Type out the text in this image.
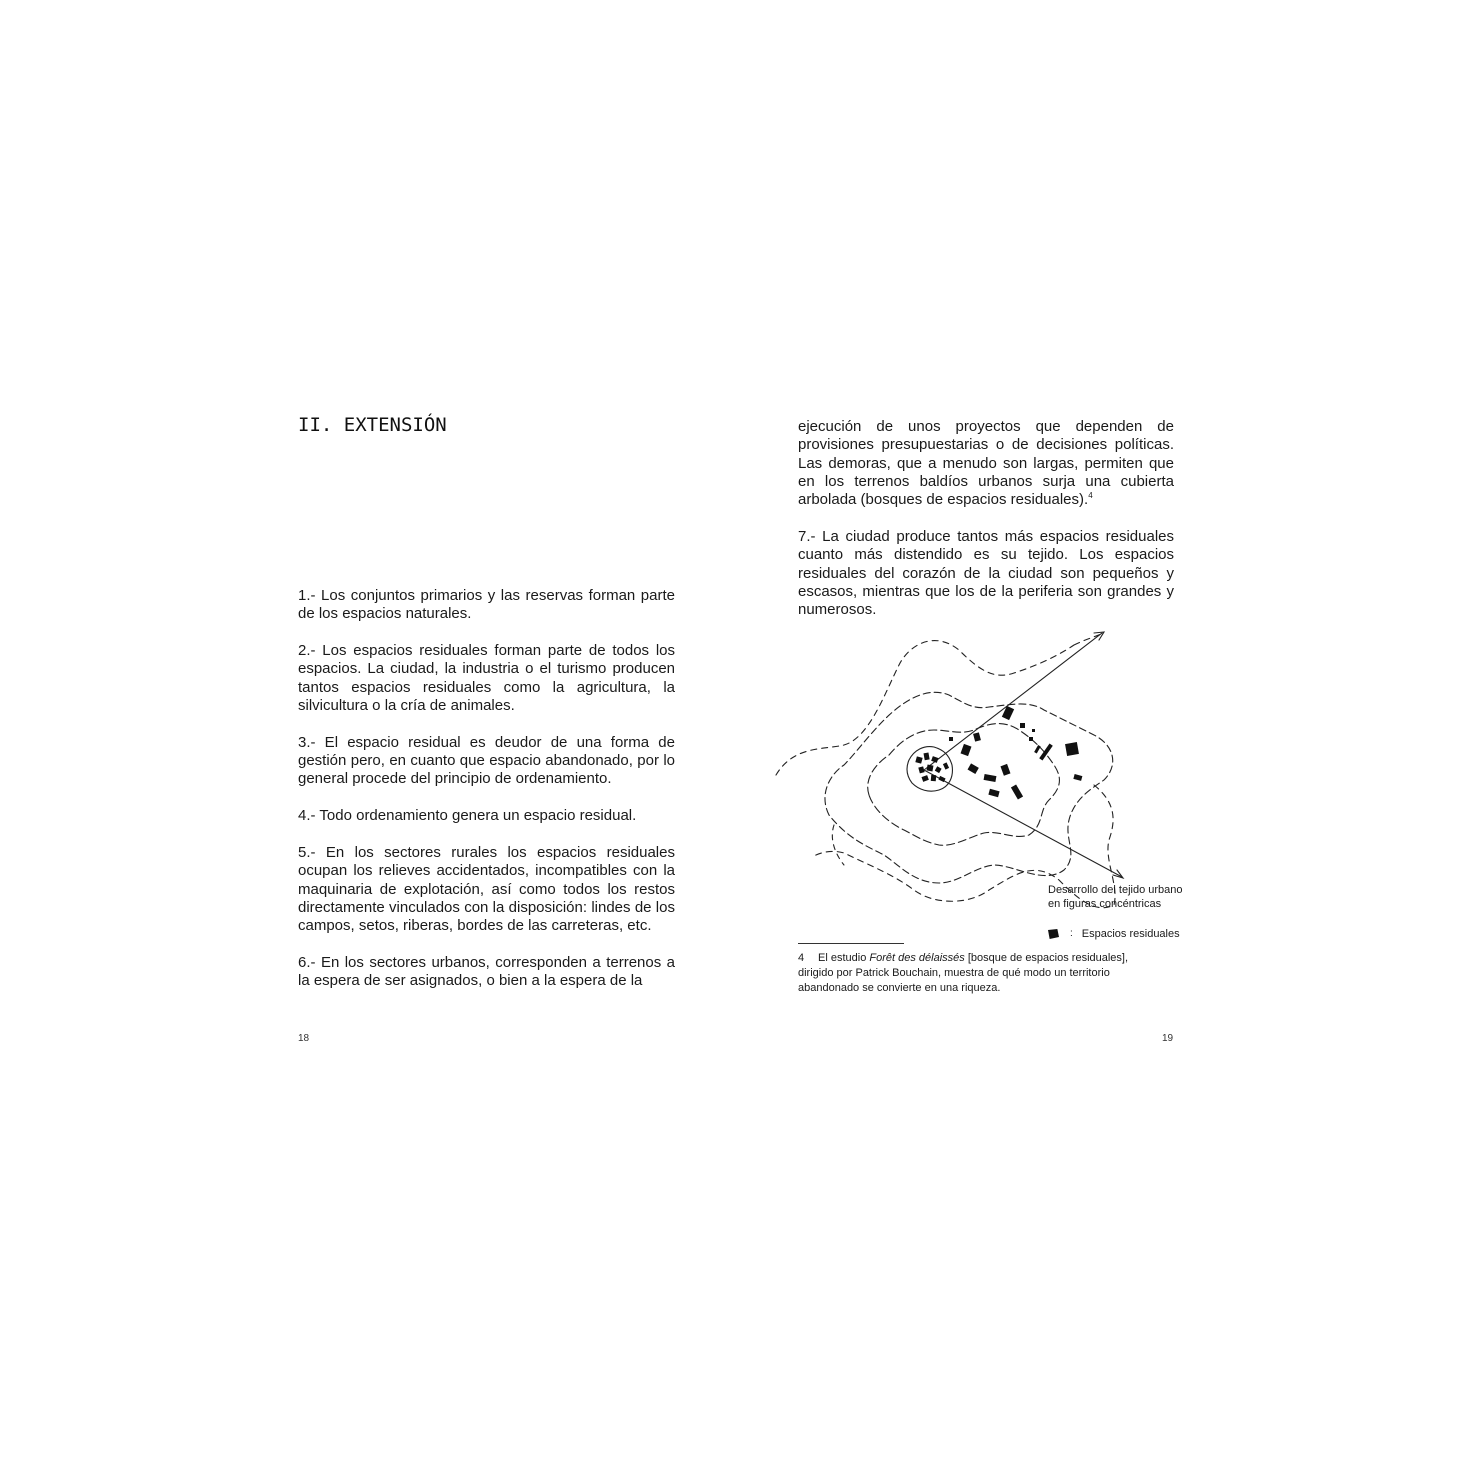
II. EXTENSIÓN

1.- Los conjuntos primarios y las reservas forman parte de los espacios naturales.

2.- Los espacios residuales forman parte de todos los espacios. La ciudad, la industria o el turismo producen tantos espacios residuales como la agricultura, la silvicultura o la cría de animales.

3.- El espacio residual es deudor de una forma de gestión pero, en cuanto que espacio abandonado, por lo general procede del principio de ordenamiento.

4.- Todo ordenamiento genera un espacio residual.

5.- En los sectores rurales los espacios residuales ocupan los relieves accidentados, incompatibles con la maquinaria de explotación, así como todos los restos directamente vinculados con la disposición: lindes de los campos, setos, riberas, bordes de las carreteras, etc.

6.- En los sectores urbanos, corresponden a terrenos a la espera de ser asignados, o bien a la espera de la

18

ejecución de unos proyectos que dependen de provisiones presupuestarias o de decisiones políticas. Las demoras, que a menudo son largas, permiten que en los terrenos baldíos urbanos surja una cubierta arbolada (bosques de espacios residuales).$^4$

7.- La ciudad produce tantos más espacios residuales cuanto más distendido es su tejido. Los espacios residuales del corazón de la ciudad son pequeños y escasos, mientras que los de la periferia son grandes y numerosos.

Desarrollo del tejido urbano
en figuras concéntricas
: Espacios residuales
4 El estudio Forêt des délaissés [bosque de espacios residuales], dirigido por Patrick Bouchain, muestra de qué modo un territorio abandonado se convierte en una riqueza.
19
